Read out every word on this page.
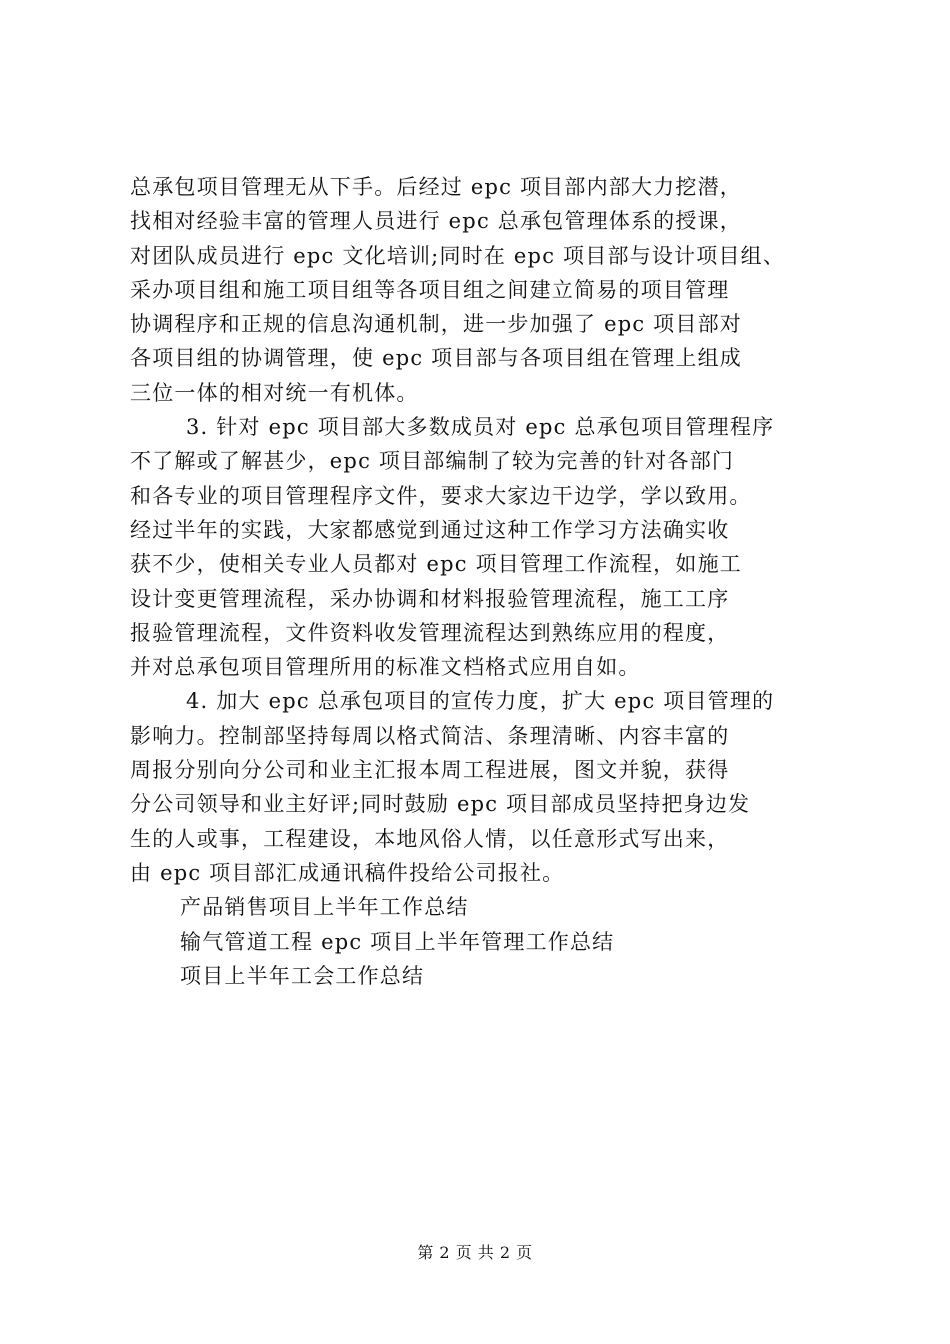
总承包项目管理无从下手。后经过 epc 项目部内部大力挖潜，
找相对经验丰富的管理人员进行 epc 总承包管理体系的授课，
对团队成员进行 epc 文化培训;同时在 epc 项目部与设计项目组、
采办项目组和施工项目组等各项目组之间建立简易的项目管理
协调程序和正规的信息沟通机制，进一步加强了 epc 项目部对
各项目组的协调管理，使 epc 项目部与各项目组在管理上组成
三位一体的相对统一有机体。
3. 针对 epc 项目部大多数成员对 epc 总承包项目管理程序
不了解或了解甚少，epc 项目部编制了较为完善的针对各部门
和各专业的项目管理程序文件，要求大家边干边学，学以致用。
经过半年的实践，大家都感觉到通过这种工作学习方法确实收
获不少，使相关专业人员都对 epc 项目管理工作流程，如施工
设计变更管理流程，采办协调和材料报验管理流程，施工工序
报验管理流程，文件资料收发管理流程达到熟练应用的程度，
并对总承包项目管理所用的标准文档格式应用自如。
4. 加大 epc 总承包项目的宣传力度，扩大 epc 项目管理的
影响力。控制部坚持每周以格式简洁、条理清晰、内容丰富的
周报分别向分公司和业主汇报本周工程进展，图文并貌，获得
分公司领导和业主好评;同时鼓励 epc 项目部成员坚持把身边发
生的人或事，工程建设，本地风俗人情，以任意形式写出来，
由 epc 项目部汇成通讯稿件投给公司报社。
产品销售项目上半年工作总结
输气管道工程 epc 项目上半年管理工作总结
项目上半年工会工作总结
第 2 页 共 2 页
